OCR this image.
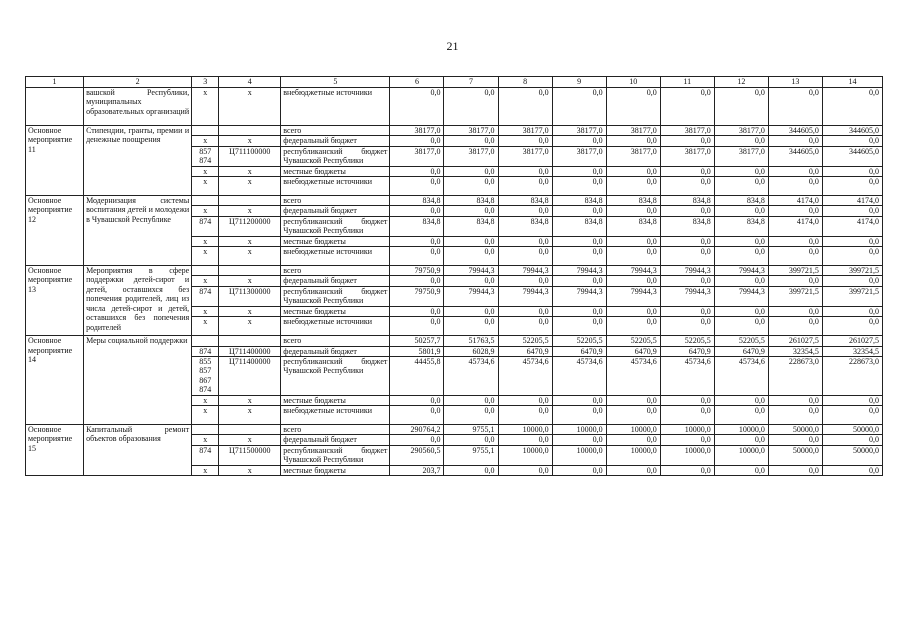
21
1	2	3	4	5	6	7	8	9	10	11	12	13	14
	вашской Республики, муниципальных образовательных организаций	х	х	внебюджетные источники	0,0	0,0	0,0	0,0	0,0	0,0	0,0	0,0	0,0
Основное мероприятие 11	Стипендии, гранты, премии и денежные поощрения			всего	38177,0	38177,0	38177,0	38177,0	38177,0	38177,0	38177,0	344605,0	344605,0
		х	х	федеральный бюджет	0,0	0,0	0,0	0,0	0,0	0,0	0,0	0,0	0,0
		857 874	Ц711100000	республиканский бюджет Чувашской Республики	38177,0	38177,0	38177,0	38177,0	38177,0	38177,0	38177,0	344605,0	344605,0
		х	х	местные бюджеты	0,0	0,0	0,0	0,0	0,0	0,0	0,0	0,0	0,0
		х	х	внебюджетные источники	0,0	0,0	0,0	0,0	0,0	0,0	0,0	0,0	0,0
Основное мероприятие 12	Модернизация системы воспитания детей и молодежи в Чувашской Республике			всего	834,8	834,8	834,8	834,8	834,8	834,8	834,8	4174,0	4174,0
		х	х	федеральный бюджет	0,0	0,0	0,0	0,0	0,0	0,0	0,0	0,0	0,0
		874	Ц711200000	республиканский бюджет Чувашской Республики	834,8	834,8	834,8	834,8	834,8	834,8	834,8	4174,0	4174,0
		х	х	местные бюджеты	0,0	0,0	0,0	0,0	0,0	0,0	0,0	0,0	0,0
		х	х	внебюджетные источники	0,0	0,0	0,0	0,0	0,0	0,0	0,0	0,0	0,0
Основное мероприятие 13	Мероприятия в сфере поддержки детей-сирот и детей, оставшихся без попечения родителей, лиц из числа детей-сирот и детей, оставшихся без попечения родителей			всего	79750,9	79944,3	79944,3	79944,3	79944,3	79944,3	79944,3	399721,5	399721,5
		х	х	федеральный бюджет	0,0	0,0	0,0	0,0	0,0	0,0	0,0	0,0	0,0
		874	Ц711300000	республиканский бюджет Чувашской Республики	79750,9	79944,3	79944,3	79944,3	79944,3	79944,3	79944,3	399721,5	399721,5
		х	х	местные бюджеты	0,0	0,0	0,0	0,0	0,0	0,0	0,0	0,0	0,0
		х	х	внебюджетные источники	0,0	0,0	0,0	0,0	0,0	0,0	0,0	0,0	0,0
Основное мероприятие 14	Меры социальной поддержки			всего	50257,7	51763,5	52205,5	52205,5	52205,5	52205,5	52205,5	261027,5	261027,5
		874	Ц711400000	федеральный бюджет	5801,9	6028,9	6470,9	6470,9	6470,9	6470,9	6470,9	32354,5	32354,5
		855 857 867 874	Ц711400000	республиканский бюджет Чувашской Республики	44455,8	45734,6	45734,6	45734,6	45734,6	45734,6	45734,6	228673,0	228673,0
		х	х	местные бюджеты	0,0	0,0	0,0	0,0	0,0	0,0	0,0	0,0	0,0
		х	х	внебюджетные источники	0,0	0,0	0,0	0,0	0,0	0,0	0,0	0,0	0,0
Основное мероприятие 15	Капитальный ремонт объектов образования			всего	290764,2	9755,1	10000,0	10000,0	10000,0	10000,0	10000,0	50000,0	50000,0
		х	х	федеральный бюджет	0,0	0,0	0,0	0,0	0,0	0,0	0,0	0,0	0,0
		874	Ц711500000	республиканский бюджет Чувашской Республики	290560,5	9755,1	10000,0	10000,0	10000,0	10000,0	10000,0	50000,0	50000,0
		х	х	местные бюджеты	203,7	0,0	0,0	0,0	0,0	0,0	0,0	0,0	0,0
